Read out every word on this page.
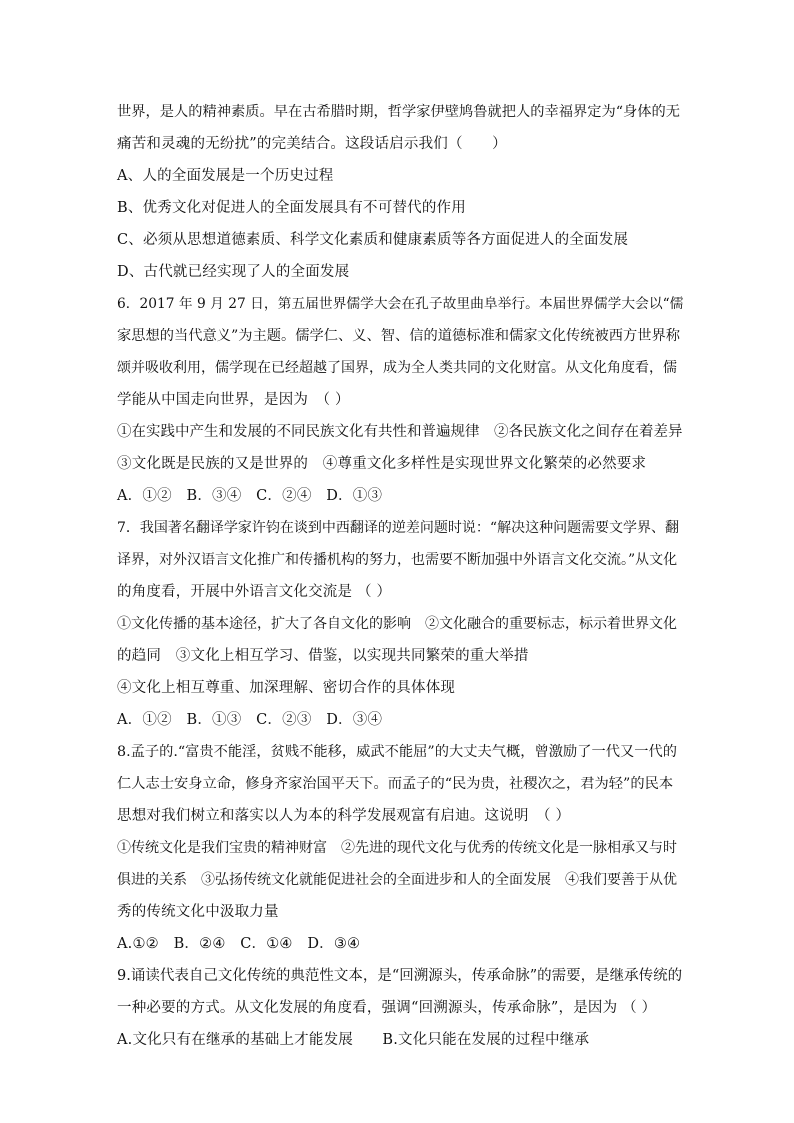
世界，是人的精神素质。早在古希腊时期，哲学家伊壁鸠鲁就把人的幸福界定为“身体的无
痛苦和灵魂的无纷扰”的完美结合。这段话启示我们（　　）
A、人的全面发展是一个历史过程
B、优秀文化对促进人的全面发展具有不可替代的作用
C、必须从思想道德素质、科学文化素质和健康素质等各方面促进人的全面发展
D、古代就已经实现了人的全面发展
6．2017 年 9 月 27 日，第五届世界儒学大会在孔子故里曲阜举行。本届世界儒学大会以“儒
家思想的当代意义”为主题。儒学仁、义、智、信的道德标准和儒家文化传统被西方世界称
颂并吸收利用，儒学现在已经超越了国界，成为全人类共同的文化财富。从文化角度看，儒
学能从中国走向世界，是因为　（ ）
①在实践中产生和发展的不同民族文化有共性和普遍规律　②各民族文化之间存在着差异
③文化既是民族的又是世界的　④尊重文化多样性是实现世界文化繁荣的必然要求
A．①②　B．③④　C．②④　D．①③
7．我国著名翻译学家许钧在谈到中西翻译的逆差问题时说：“解决这种问题需要文学界、翻
译界，对外汉语言文化推广和传播机构的努力，也需要不断加强中外语言文化交流。”从文化
的角度看，开展中外语言文化交流是 （ ）
①文化传播的基本途径，扩大了各自文化的影响　②文化融合的重要标志，标示着世界文化
的趋同　③文化上相互学习、借鉴，以实现共同繁荣的重大举措
④文化上相互尊重、加深理解、密切合作的具体体现
A．①②　B．①③　C．②③　D．③④
8.孟子的.“富贵不能淫，贫贱不能移，威武不能屈”的大丈夫气概，曾激励了一代又一代的
仁人志士安身立命，修身齐家治国平天下。而孟子的“民为贵，社稷次之，君为轻”的民本
思想对我们树立和落实以人为本的科学发展观富有启迪。这说明　（ ）
①传统文化是我们宝贵的精神财富　②先进的现代文化与优秀的传统文化是一脉相承又与时
俱进的关系　③弘扬传统文化就能促进社会的全面进步和人的全面发展　④我们要善于从优
秀的传统文化中汲取力量
A.①②　B．②④　C．①④　D．③④
9.诵读代表自己文化传统的典范性文本，是“回溯源头，传承命脉”的需要，是继承传统的
一种必要的方式。从文化发展的角度看，强调“回溯源头，传承命脉”，是因为 （ ）
A.文化只有在继承的基础上才能发展　　B.文化只能在发展的过程中继承
